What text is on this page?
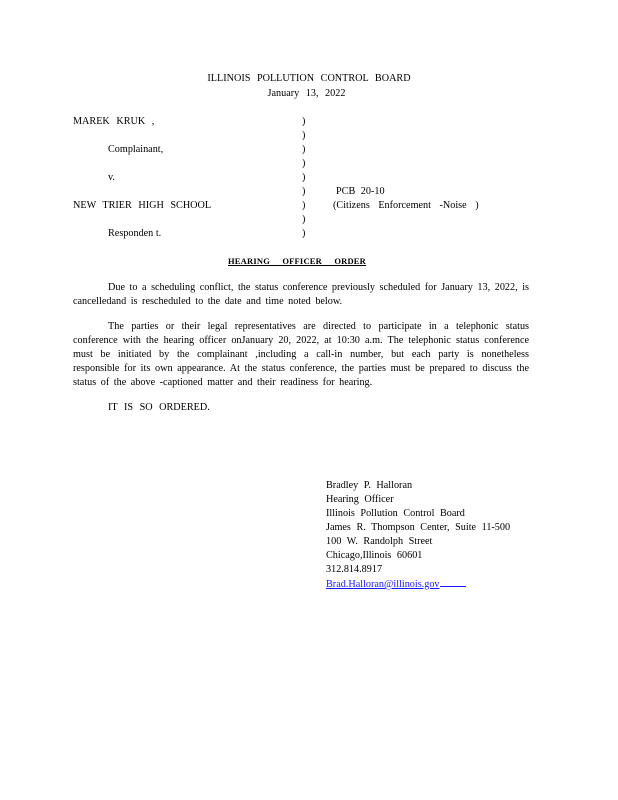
ILLINOIS POLLUTION CONTROL BOARD
January 13, 2022
MAREK KRUK ,
Complainant,
v.
NEW TRIER HIGH SCHOOL
Responden t.
PCB 20-10
(Citizens Enforcement -Noise )
)
)
)
)
)
)
)
)
)
HEARING OFFICER ORDER
Due to a scheduling conflict, the status conference previously scheduled for January 13, 2022, is cancelledand is rescheduled to the date and time noted below.
The parties or their legal representatives are directed to participate in a telephonic status conference with the hearing officer onJanuary 20, 2022, at 10:30 a.m. The telephonic status conference must be initiated by the complainant ,including a call-in number, but each party is nonetheless responsible for its own appearance. At the status conference, the parties must be prepared to discuss the status of the above -captioned matter and their readiness for hearing.
IT IS SO ORDERED.
Bradley P. Halloran
Hearing Officer
Illinois Pollution Control Board
James R. Thompson Center, Suite 11-500
100 W. Randolph Street
Chicago,Illinois 60601
312.814.8917
Brad.Halloran@illinois.gov
